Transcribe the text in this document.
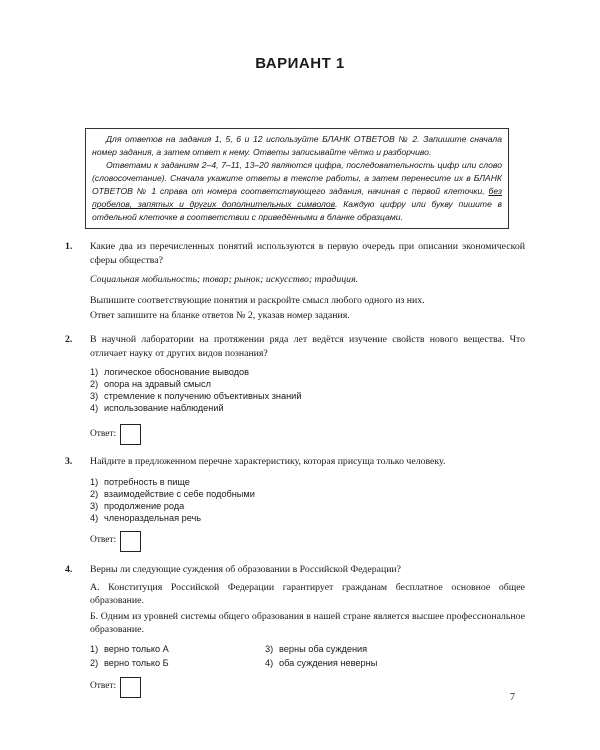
ВАРИАНТ 1

Для ответов на задания 1, 5, 6 и 12 используйте БЛАНК ОТВЕТОВ № 2. Запишите сначала номер задания, а затем ответ к нему. Ответы записывайте чётко и разборчиво.

Ответами к заданиям 2–4, 7–11, 13–20 являются цифра, последовательность цифр или слово (словосочетание). Сначала укажите ответы в тексте работы, а затем перенесите их в БЛАНК ОТВЕТОВ № 1 справа от номера соответствующего задания, начиная с первой клеточки, без пробелов, запятых и других дополнительных символов. Каждую цифру или букву пишите в отдельной клеточке в соответствии с приведёнными в бланке образцами.

1. Какие два из перечисленных понятий используются в первую очередь при описании экономической сферы общества?

Социальная мобильность; товар; рынок; искусство; традиция.

Выпишите соответствующие понятия и раскройте смысл любого одного из них.

Ответ запишите на бланке ответов № 2, указав номер задания.

2. В научной лаборатории на протяжении ряда лет ведётся изучение свойств нового вещества. Что отличает науку от других видов познания?

1) логическое обоснование выводов
2) опора на здравый смысл
3) стремление к получению объективных знаний
4) использование наблюдений
Ответ:
3. Найдите в предложенном перечне характеристику, которая присуща только человеку.

1) потребность в пище
2) взаимодействие с себе подобными
3) продолжение рода
4) членораздельная речь
Ответ:
4. Верны ли следующие суждения об образовании в Российской Федерации?

А. Конституция Российской Федерации гарантирует гражданам бесплатное основное общее образование.

Б. Одним из уровней системы общего образования в нашей стране является высшее профессиональное образование.

1) верно только А	3) верны оба суждения
2) верно только Б	4) оба суждения неверны
Ответ:
7
